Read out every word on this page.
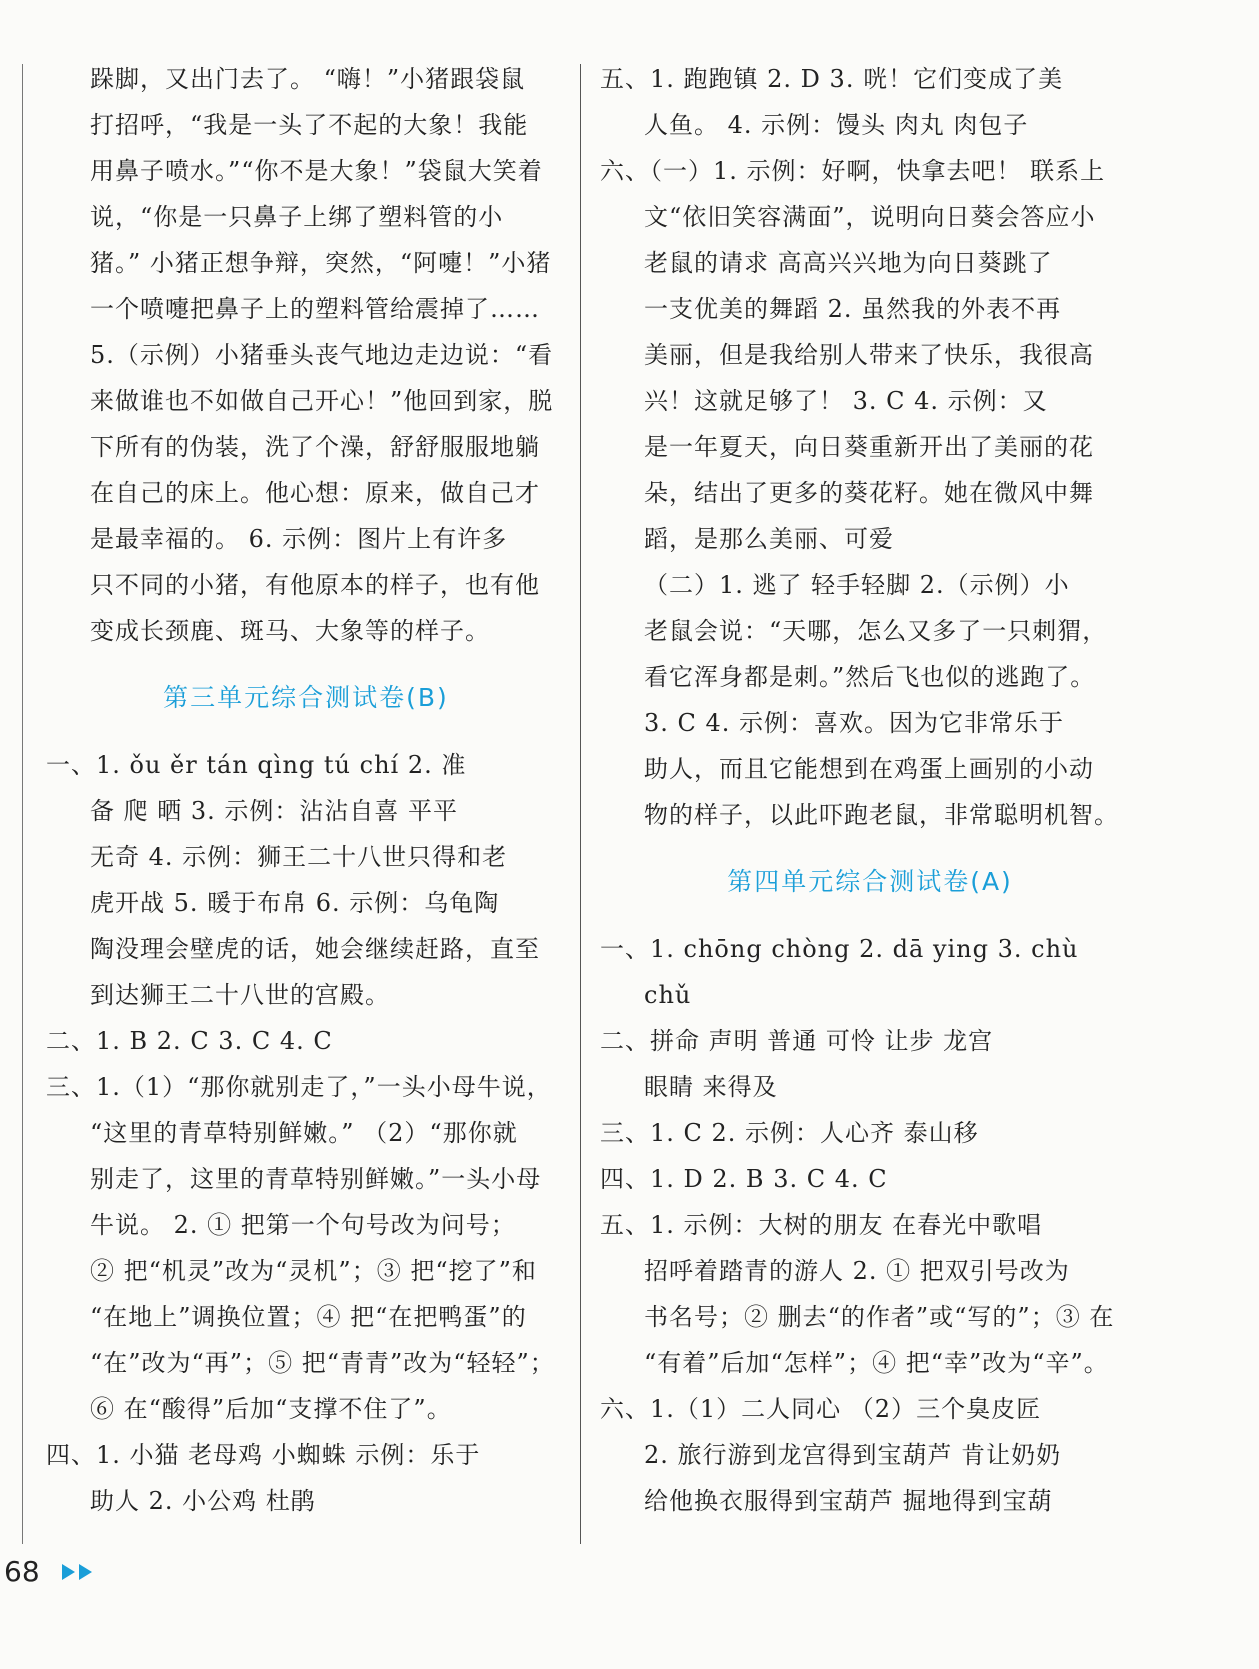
跺脚，又出门去了。 “嗨！”小猪跟袋鼠
打招呼，“我是一头了不起的大象！我能
用鼻子喷水。”“你不是大象！”袋鼠大笑着
说，“你是一只鼻子上绑了塑料管的小
猪。” 小猪正想争辩，突然，“阿嚏！”小猪
一个喷嚏把鼻子上的塑料管给震掉了……
5.（示例）小猪垂头丧气地边走边说：“看
来做谁也不如做自己开心！”他回到家，脱
下所有的伪装，洗了个澡，舒舒服服地躺
在自己的床上。他心想：原来，做自己才
是最幸福的。 6. 示例：图片上有许多
只不同的小猪，有他原本的样子，也有他
变成长颈鹿、斑马、大象等的样子。
第三单元综合测试卷(B)
一、1. ǒu ěr tán qìng tú chí 2. 准
备 爬 晒 3. 示例：沾沾自喜 平平
无奇 4. 示例：狮王二十八世只得和老
虎开战 5. 暖于布帛 6. 示例：乌龟陶
陶没理会壁虎的话，她会继续赶路，直至
到达狮王二十八世的宫殿。
二、1. B 2. C 3. C 4. C
三、1.（1）“那你就别走了，”一头小母牛说，
“这里的青草特别鲜嫩。” （2）“那你就
别走了，这里的青草特别鲜嫩。”一头小母
牛说。 2. ① 把第一个句号改为问号；
② 把“机灵”改为“灵机”；③ 把“挖了”和
“在地上”调换位置；④ 把“在把鸭蛋”的
“在”改为“再”；⑤ 把“青青”改为“轻轻”；
⑥ 在“酸得”后加“支撑不住了”。
四、1. 小猫 老母鸡 小蜘蛛 示例：乐于
助人 2. 小公鸡 杜鹃
五、1. 跑跑镇 2. D 3. 咣！它们变成了美
人鱼。 4. 示例：馒头 肉丸 肉包子
六、（一）1. 示例：好啊，快拿去吧！ 联系上
文“依旧笑容满面”，说明向日葵会答应小
老鼠的请求 高高兴兴地为向日葵跳了
一支优美的舞蹈 2. 虽然我的外表不再
美丽，但是我给别人带来了快乐，我很高
兴！这就足够了！ 3. C 4. 示例：又
是一年夏天，向日葵重新开出了美丽的花
朵，结出了更多的葵花籽。她在微风中舞
蹈，是那么美丽、可爱
（二）1. 逃了 轻手轻脚 2.（示例）小
老鼠会说：“天哪，怎么又多了一只刺猬，
看它浑身都是刺。”然后飞也似的逃跑了。
3. C 4. 示例：喜欢。因为它非常乐于
助人，而且它能想到在鸡蛋上画别的小动
物的样子，以此吓跑老鼠，非常聪明机智。
第四单元综合测试卷(A)
一、1. chōng chòng 2. dā ying 3. chù
chǔ
二、拼命 声明 普通 可怜 让步 龙宫
眼睛 来得及
三、1. C 2. 示例：人心齐 泰山移
四、1. D 2. B 3. C 4. C
五、1. 示例：大树的朋友 在春光中歌唱
招呼着踏青的游人 2. ① 把双引号改为
书名号；② 删去“的作者”或“写的”；③ 在
“有着”后加“怎样”；④ 把“幸”改为“辛”。
六、1.（1）二人同心 （2）三个臭皮匠
2. 旅行游到龙宫得到宝葫芦 肯让奶奶
给他换衣服得到宝葫芦 掘地得到宝葫
68
